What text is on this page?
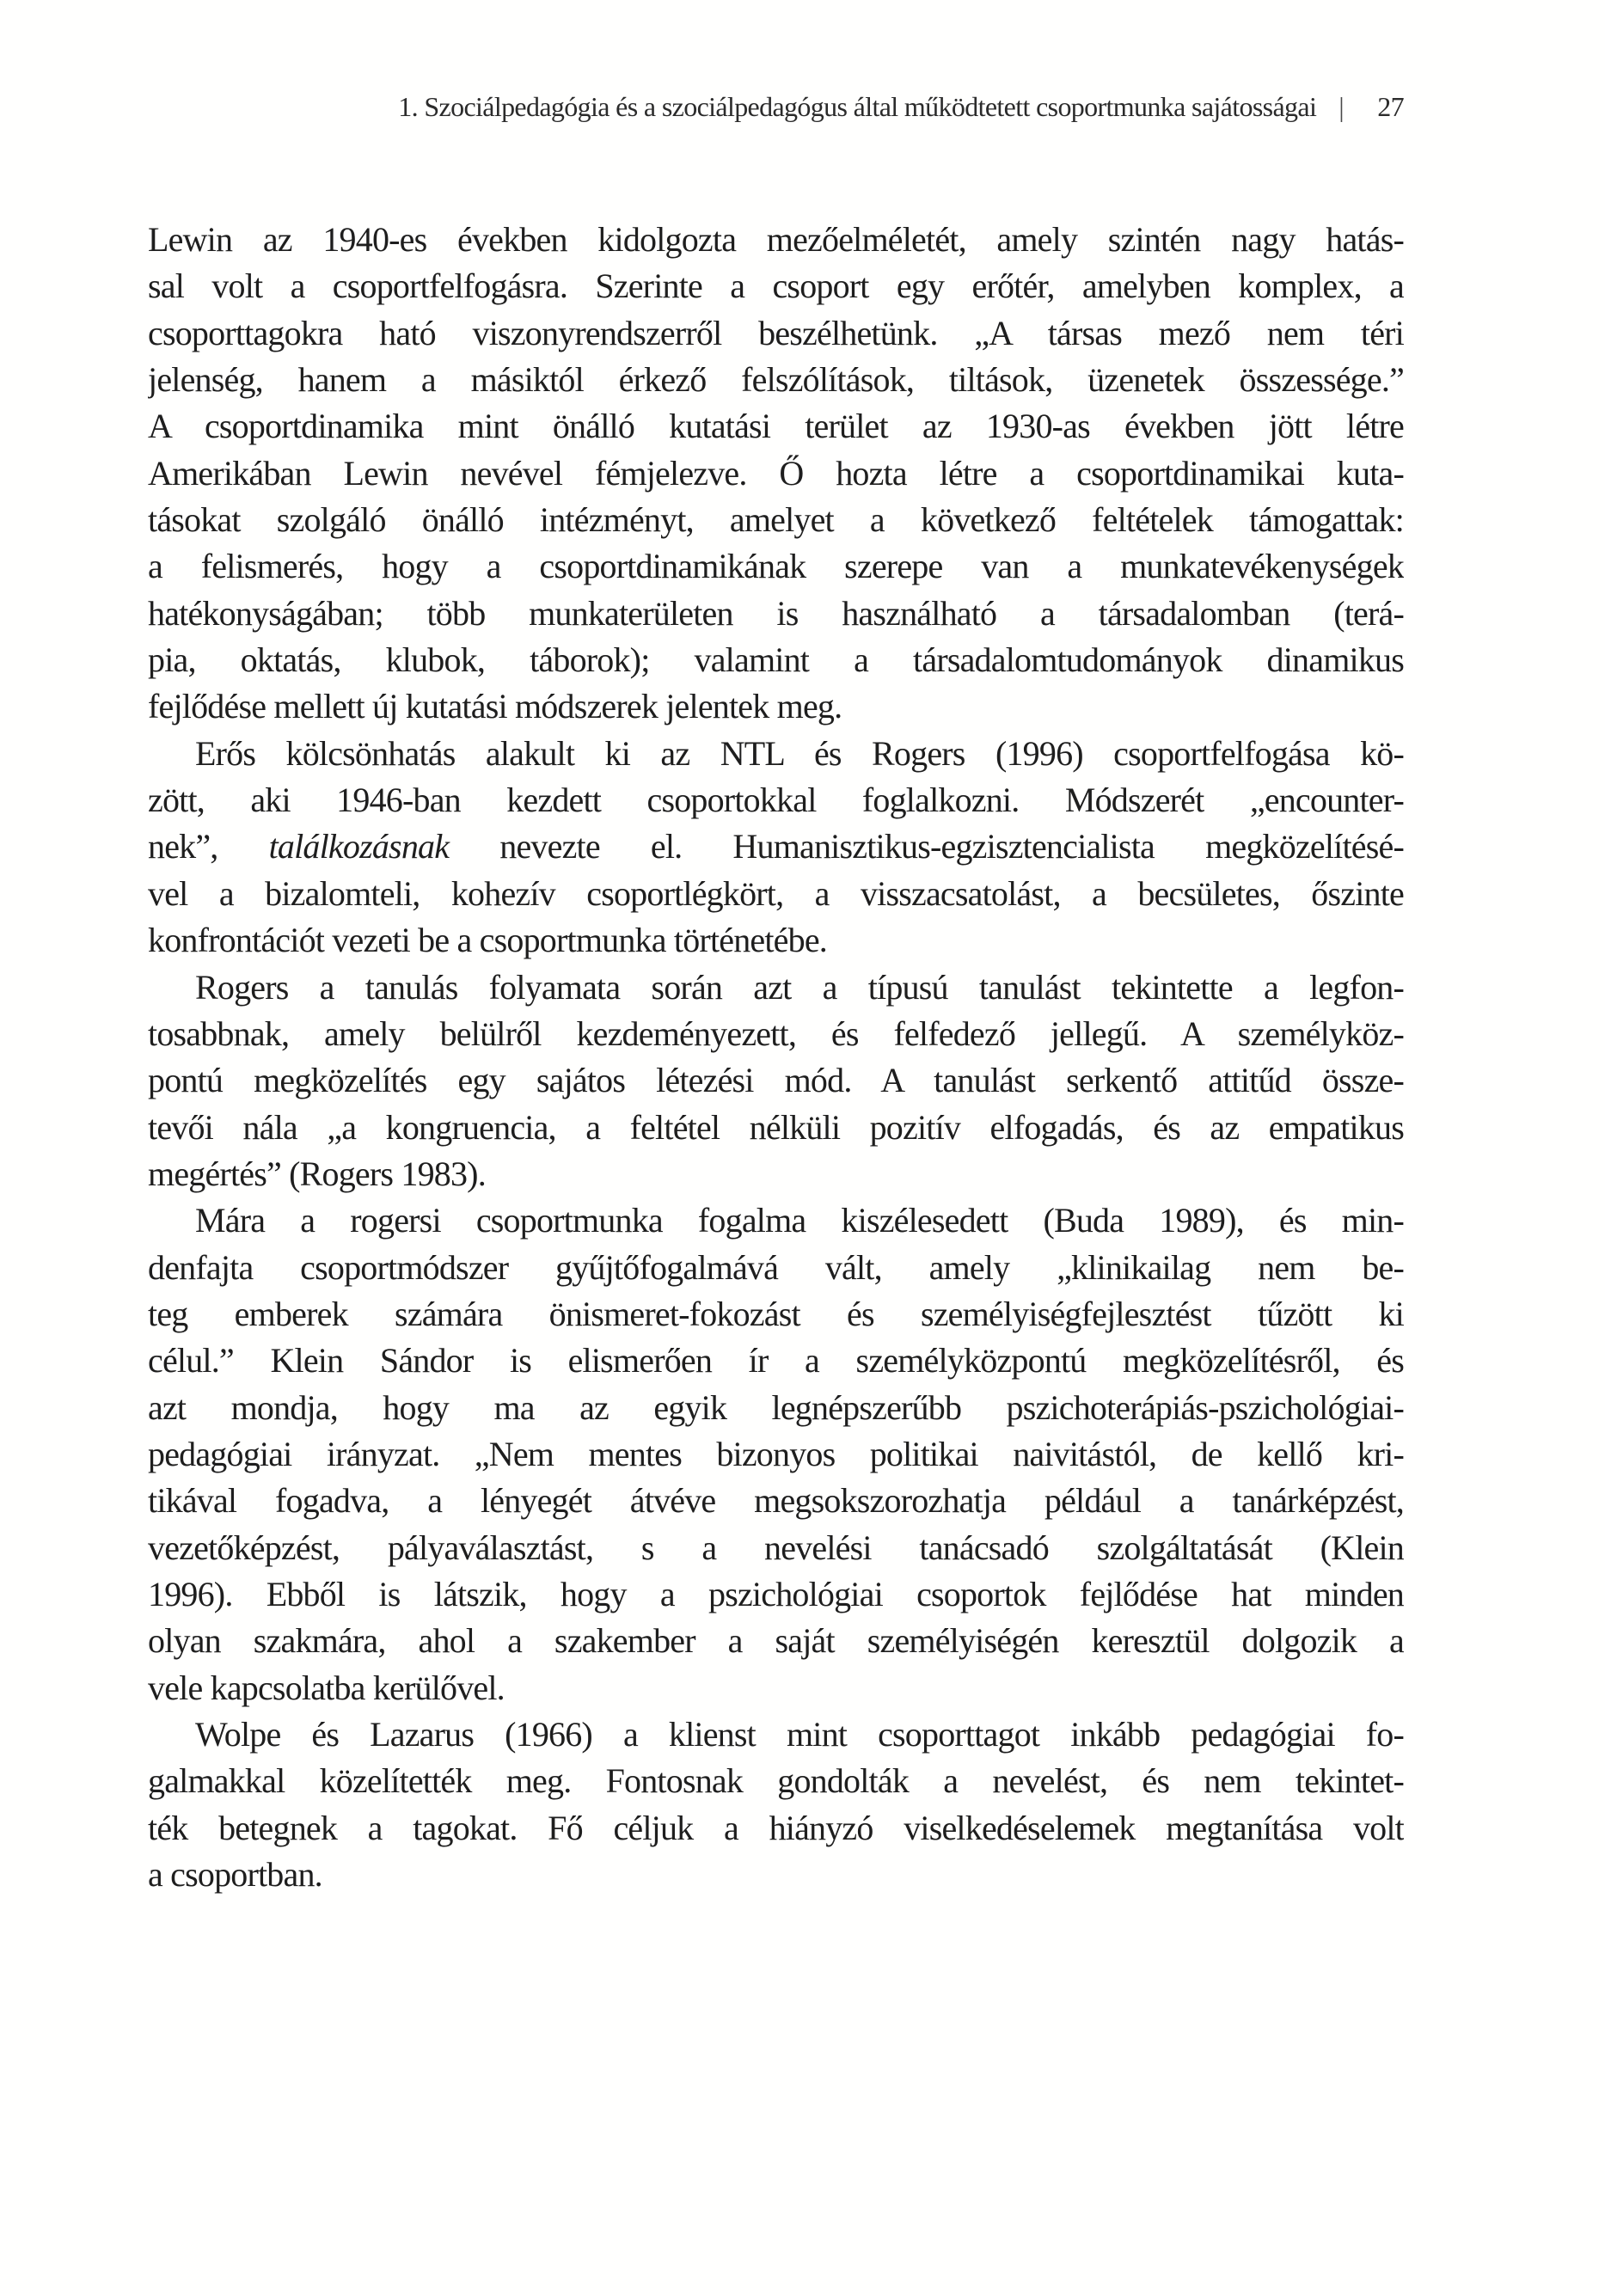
1. Szociálpedagógia és a szociálpedagógus által működtetett csoportmunka sajátosságai |	27
Lewin az 1940-es években kidolgozta mezőelméletét, amely szintén nagy hatás-
sal volt a csoportfelfogásra. Szerinte a csoport egy erőtér, amelyben komplex, a
csoporttagokra ható viszonyrendszerről beszélhetünk. „A társas mező nem téri
jelenség, hanem a másiktól érkező felszólítások, tiltások, üzenetek összessége.”
A csoportdinamika mint önálló kutatási terület az 1930-as években jött létre
Amerikában Lewin nevével fémjelezve. Ő hozta létre a csoportdinamikai kuta-
tásokat szolgáló önálló intézményt, amelyet a következő feltételek támogattak:
a felismerés, hogy a csoportdinamikának szerepe van a munkatevékenységek
hatékonyságában; több munkaterületen is használható a társadalomban (terá-
pia, oktatás, klubok, táborok); valamint a társadalomtudományok dinamikus
fejlődése mellett új kutatási módszerek jelentek meg.
Erős kölcsönhatás alakult ki az NTL és Rogers (1996) csoportfelfogása kö-
zött, aki 1946-ban kezdett csoportokkal foglalkozni. Módszerét „encounter-
nek”, találkozásnak nevezte el. Humanisztikus-egzisztencialista megközelítésé-
vel a bizalomteli, kohezív csoportlégkört, a visszacsatolást, a becsületes, őszinte
konfrontációt vezeti be a csoportmunka történetébe.
Rogers a tanulás folyamata során azt a típusú tanulást tekintette a legfon-
tosabbnak, amely belülről kezdeményezett, és felfedező jellegű. A személyköz-
pontú megközelítés egy sajátos létezési mód. A tanulást serkentő attitűd össze-
tevői nála „a kongruencia, a feltétel nélküli pozitív elfogadás, és az empatikus
megértés” (Rogers 1983).
Mára a rogersi csoportmunka fogalma kiszélesedett (Buda 1989), és min-
denfajta csoportmódszer gyűjtőfogalmává vált, amely „klinikailag nem be-
teg emberek számára önismeret-fokozást és személyiségfejlesztést tűzött ki
célul.” Klein Sándor is elismerően ír a személyközpontú megközelítésről, és
azt mondja, hogy ma az egyik legnépszerűbb pszichoterápiás-pszichológiai-
pedagógiai irányzat. „Nem mentes bizonyos politikai naivitástól, de kellő kri-
tikával fogadva, a lényegét átvéve megsokszorozhatja például a tanárképzést,
vezetőképzést, pályaválasztást, s a nevelési tanácsadó szolgáltatását (Klein
1996). Ebből is látszik, hogy a pszichológiai csoportok fejlődése hat minden
olyan szakmára, ahol a szakember a saját személyiségén keresztül dolgozik a
vele kapcsolatba kerülővel.
Wolpe és Lazarus (1966) a klienst mint csoporttagot inkább pedagógiai fo-
galmakkal közelítették meg. Fontosnak gondolták a nevelést, és nem tekintet-
ték betegnek a tagokat. Fő céljuk a hiányzó viselkedéselemek megtanítása volt
a csoportban.
